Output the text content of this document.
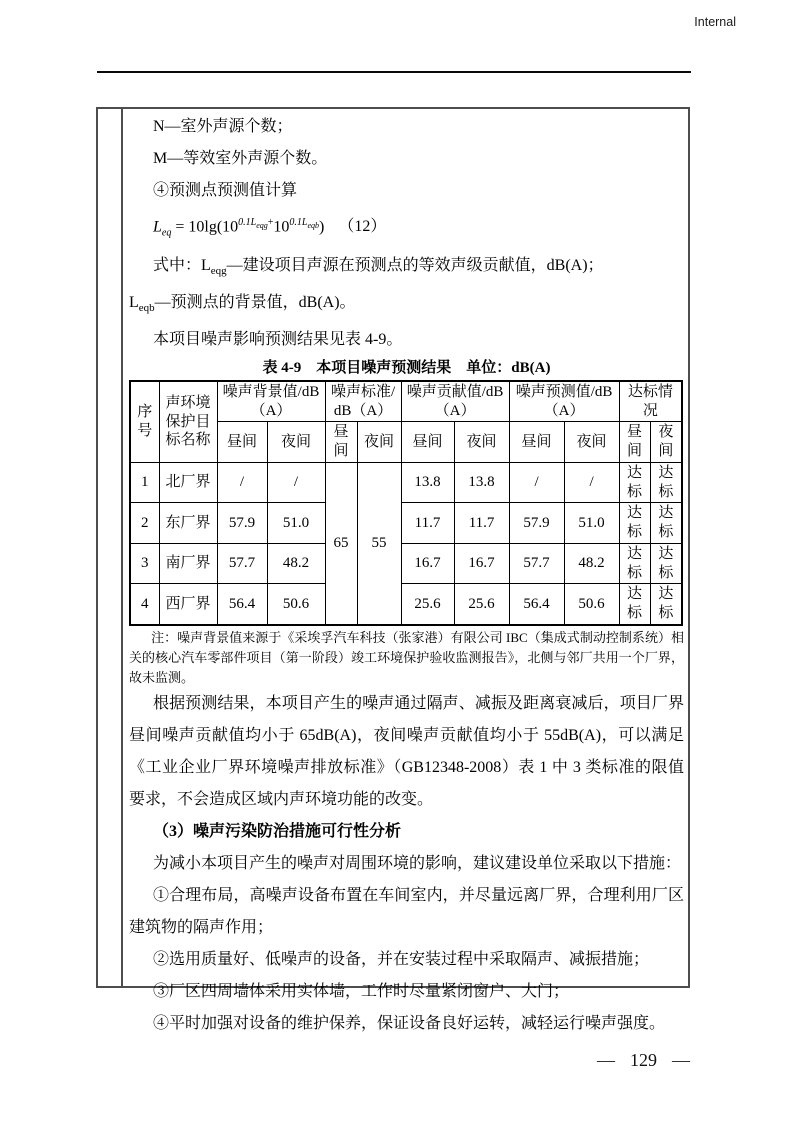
Internal

N—室外声源个数；

M—等效室外声源个数。

④预测点预测值计算

$L_{eq} = 10\lg(10^{0.1L_{eqg}+}10^{0.1L_{eqb}})$ （12）

式中：$L_{eqg}—$建设项目声源在预测点的等效声级贡献值，dB(A)；

$L_{eqb}—$预测点的背景值，dB(A)。

本项目噪声影响预测结果见表 4-9。

表 4-9　本项目噪声预测结果　单位：dB(A)
序号	声环境保护目标名称	噪声背景值/dB（A）		噪声标准/dB（A）		噪声贡献值/dB（A）		噪声预测值/dB（A）		达标情况	
		昼间	夜间	昼间	夜间	昼间	夜间	昼间	夜间	昼间	夜间
1	北厂界	/	/	65	55	13.8	13.8	/	/	达标	达标
2	东厂界	57.9	51.0			11.7	11.7	57.9	51.0	达标	达标
3	南厂界	57.7	48.2			16.7	16.7	57.7	48.2	达标	达标
4	西厂界	56.4	50.6			25.6	25.6	56.4	50.6	达标	达标

注：噪声背景值来源于《采埃孚汽车科技（张家港）有限公司 IBC（集成式制动控制系统）相关的核心汽车零部件项目（第一阶段）竣工环境保护验收监测报告》，北侧与邻厂共用一个厂界，故未监测。

根据预测结果，本项目产生的噪声通过隔声、减振及距离衰减后，项目厂界昼间噪声贡献值均小于 65dB(A)，夜间噪声贡献值均小于 55dB(A)，可以满足《工业企业厂界环境噪声排放标准》（GB12348-2008）表 1 中 3 类标准的限值要求，不会造成区域内声环境功能的改变。

（3）噪声污染防治措施可行性分析

为减小本项目产生的噪声对周围环境的影响，建议建设单位采取以下措施：

①合理布局，高噪声设备布置在车间室内，并尽量远离厂界，合理利用厂区建筑物的隔声作用；

②选用质量好、低噪声的设备，并在安装过程中采取隔声、减振措施；

③厂区四周墙体采用实体墙，工作时尽量紧闭窗户、大门；

④平时加强对设备的维护保养，保证设备良好运转，减轻运行噪声强度。

— 129 —
